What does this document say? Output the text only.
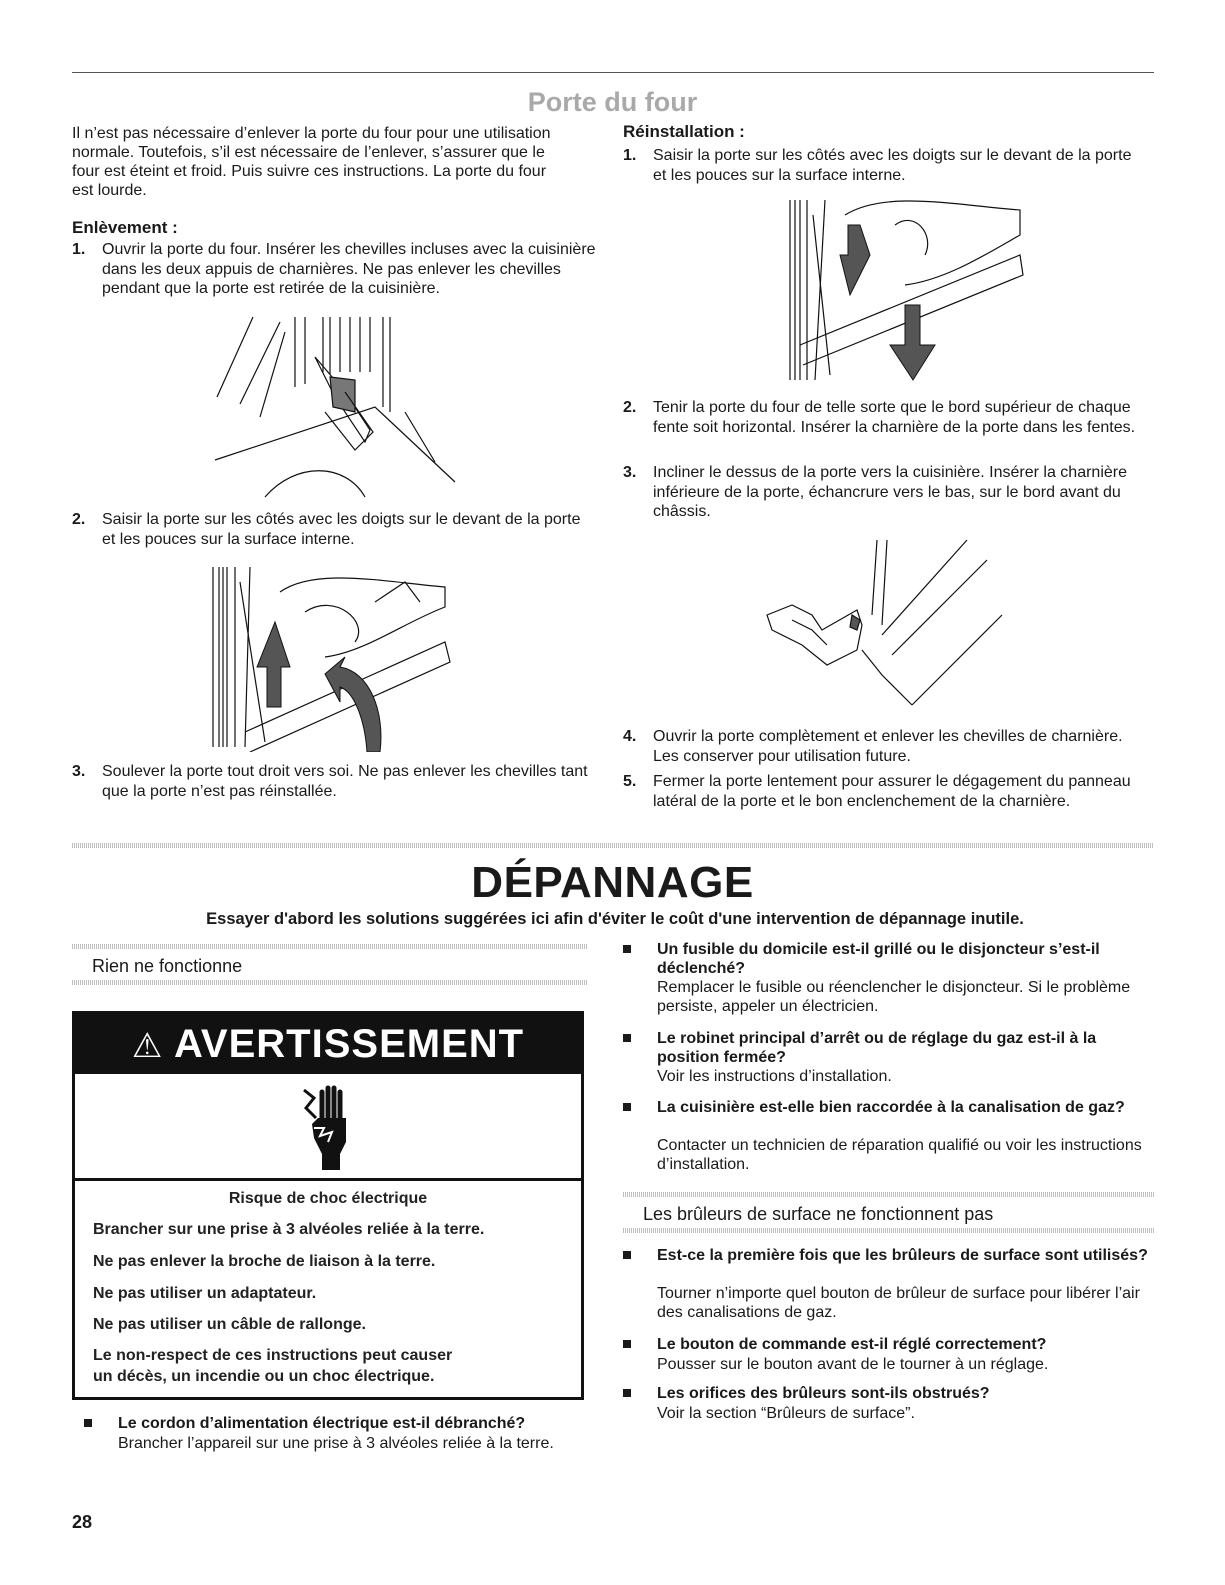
Porte du four
Il n’est pas nécessaire d’enlever la porte du four pour une utilisation normale. Toutefois, s’il est nécessaire de l’enlever, s’assurer que le four est éteint et froid. Puis suivre ces instructions. La porte du four est lourde.
Enlèvement :
1. Ouvrir la porte du four. Insérer les chevilles incluses avec la cuisinière dans les deux appuis de charnières. Ne pas enlever les chevilles pendant que la porte est retirée de la cuisinière.
2. Saisir la porte sur les côtés avec les doigts sur le devant de la porte et les pouces sur la surface interne.
3. Soulever la porte tout droit vers soi. Ne pas enlever les chevilles tant que la porte n’est pas réinstallée.
Réinstallation :
1. Saisir la porte sur les côtés avec les doigts sur le devant de la porte et les pouces sur la surface interne.
2. Tenir la porte du four de telle sorte que le bord supérieur de chaque fente soit horizontal. Insérer la charnière de la porte dans les fentes.
3. Incliner le dessus de la porte vers la cuisinière. Insérer la charnière inférieure de la porte, échancrure vers le bas, sur le bord avant du châssis.
4. Ouvrir la porte complètement et enlever les chevilles de charnière. Les conserver pour utilisation future.
5. Fermer la porte lentement pour assurer le dégagement du panneau latéral de la porte et le bon enclenchement de la charnière.
DÉPANNAGE
Essayer d'abord les solutions suggérées ici afin d'éviter le coût d'une intervention de dépannage inutile.
Rien ne fonctionne
⚠ AVERTISSEMENT
Risque de choc électrique
Brancher sur une prise à 3 alvéoles reliée à la terre.
Ne pas enlever la broche de liaison à la terre.
Ne pas utiliser un adaptateur.
Ne pas utiliser un câble de rallonge.
Le non-respect de ces instructions peut causer
un décès, un incendie ou un choc électrique.
Le cordon d’alimentation électrique est-il débranché?
Brancher l’appareil sur une prise à 3 alvéoles reliée à la terre.
Un fusible du domicile est-il grillé ou le disjoncteur s’est-il déclenché?
Remplacer le fusible ou réenclencher le disjoncteur. Si le problème persiste, appeler un électricien.
Le robinet principal d’arrêt ou de réglage du gaz est-il à la position fermée?
Voir les instructions d’installation.
La cuisinière est-elle bien raccordée à la canalisation de gaz?
Contacter un technicien de réparation qualifié ou voir les instructions d’installation.
Les brûleurs de surface ne fonctionnent pas
Est-ce la première fois que les brûleurs de surface sont utilisés?
Tourner n’importe quel bouton de brûleur de surface pour libérer l’air des canalisations de gaz.
Le bouton de commande est-il réglé correctement?
Pousser sur le bouton avant de le tourner à un réglage.
Les orifices des brûleurs sont-ils obstrués?
Voir la section “Brûleurs de surface”.
28
